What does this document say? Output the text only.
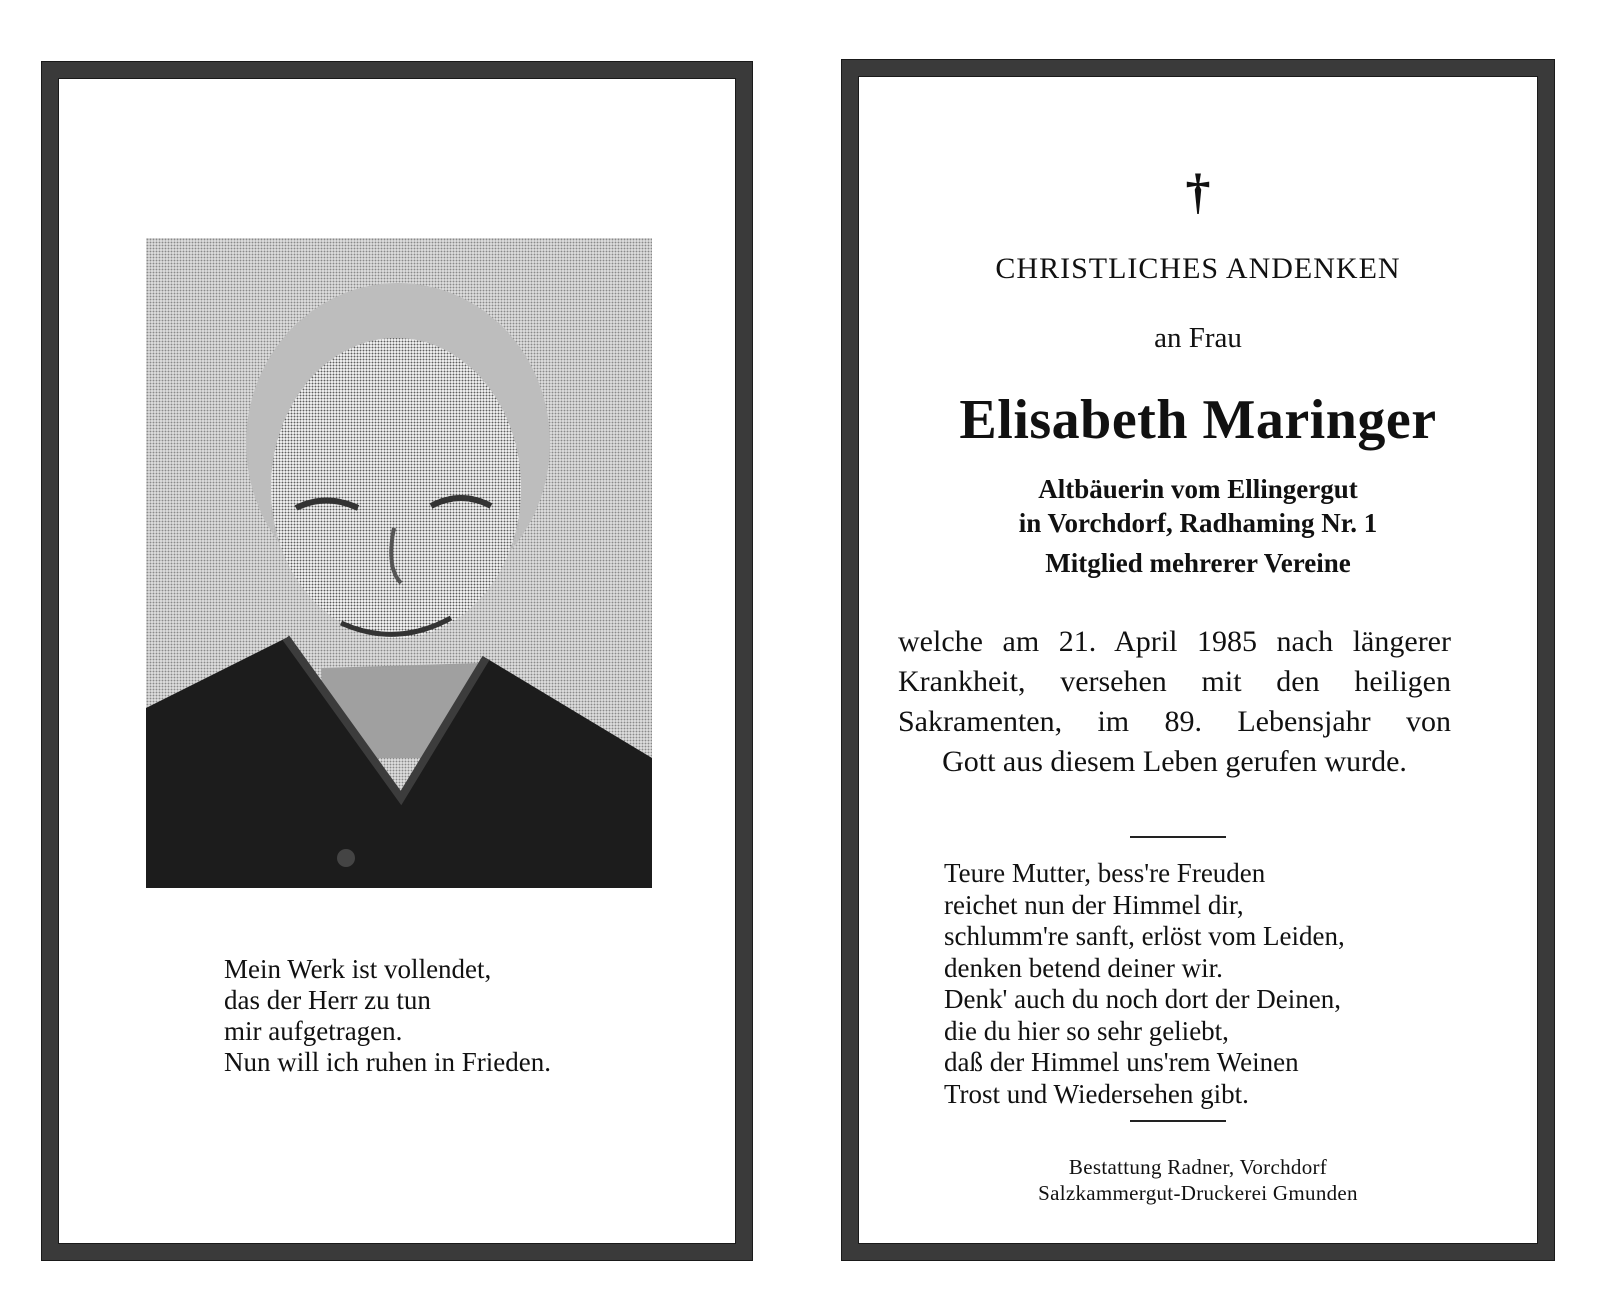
Mein Werk ist vollendet,
das der Herr zu tun
mir aufgetragen.
Nun will ich ruhen in Frieden.
†
CHRISTLICHES ANDENKEN
an Frau
Elisabeth Maringer
Altbäuerin vom Ellingergut
in Vorchdorf, Radhaming Nr. 1
Mitglied mehrerer Vereine
welche am 21. April 1985 nach längerer
Krankheit, versehen mit den heiligen
Sakramenten, im 89. Lebensjahr von
Gott aus diesem Leben gerufen wurde.
Teure Mutter, bess're Freuden
reichet nun der Himmel dir,
schlumm're sanft, erlöst vom Leiden,
denken betend deiner wir.
Denk' auch du noch dort der Deinen,
die du hier so sehr geliebt,
daß der Himmel uns'rem Weinen
Trost und Wiedersehen gibt.
Bestattung Radner, Vorchdorf
Salzkammergut-Druckerei Gmunden
